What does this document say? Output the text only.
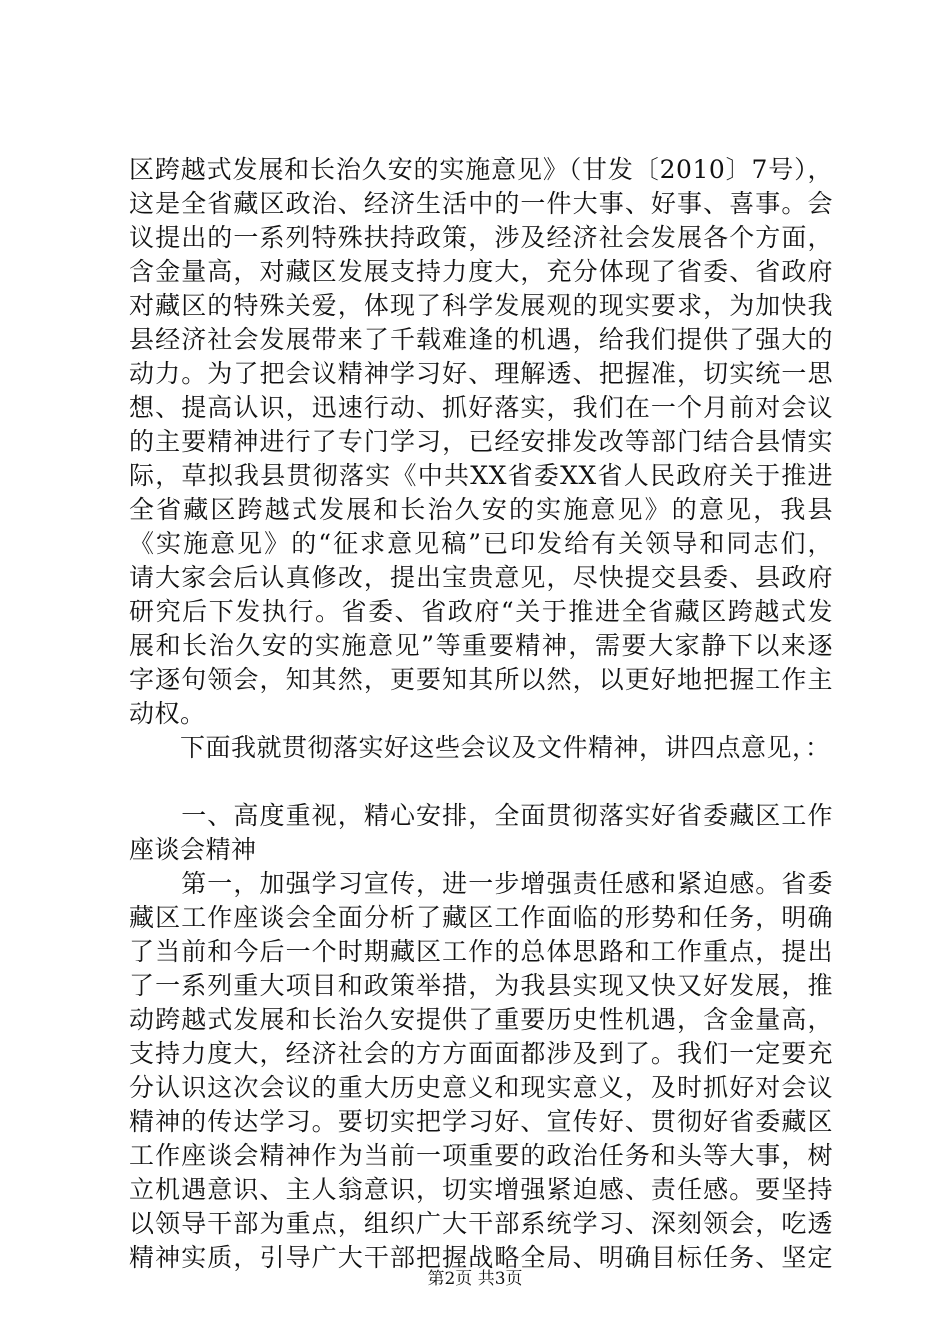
区跨越式发展和长治久安的实施意见》（甘发〔2010〕7号），
这是全省藏区政治、经济生活中的一件大事、好事、喜事。会
议提出的一系列特殊扶持政策，涉及经济社会发展各个方面，
含金量高，对藏区发展支持力度大，充分体现了省委、省政府
对藏区的特殊关爱，体现了科学发展观的现实要求，为加快我
县经济社会发展带来了千载难逢的机遇，给我们提供了强大的
动力。为了把会议精神学习好、理解透、把握准，切实统一思
想、提高认识，迅速行动、抓好落实，我们在一个月前对会议
的主要精神进行了专门学习，已经安排发改等部门结合县情实
际，草拟我县贯彻落实《中共XX省委XX省人民政府关于推进
全省藏区跨越式发展和长治久安的实施意见》的意见，我县
《实施意见》的“征求意见稿”已印发给有关领导和同志们，
请大家会后认真修改，提出宝贵意见，尽快提交县委、县政府
研究后下发执行。省委、省政府“关于推进全省藏区跨越式发
展和长治久安的实施意见”等重要精神，需要大家静下以来逐
字逐句领会，知其然，更要知其所以然，以更好地把握工作主
动权。
　　下面我就贯彻落实好这些会议及文件精神，讲四点意见，：
　　一、高度重视，精心安排，全面贯彻落实好省委藏区工作
座谈会精神
　　第一，加强学习宣传，进一步增强责任感和紧迫感。省委
藏区工作座谈会全面分析了藏区工作面临的形势和任务，明确
了当前和今后一个时期藏区工作的总体思路和工作重点，提出
了一系列重大项目和政策举措，为我县实现又快又好发展，推
动跨越式发展和长治久安提供了重要历史性机遇，含金量高，
支持力度大，经济社会的方方面面都涉及到了。我们一定要充
分认识这次会议的重大历史意义和现实意义，及时抓好对会议
精神的传达学习。要切实把学习好、宣传好、贯彻好省委藏区
工作座谈会精神作为当前一项重要的政治任务和头等大事，树
立机遇意识、主人翁意识，切实增强紧迫感、责任感。要坚持
以领导干部为重点，组织广大干部系统学习、深刻领会，吃透
精神实质，引导广大干部把握战略全局、明确目标任务、坚定
第2页 共3页
